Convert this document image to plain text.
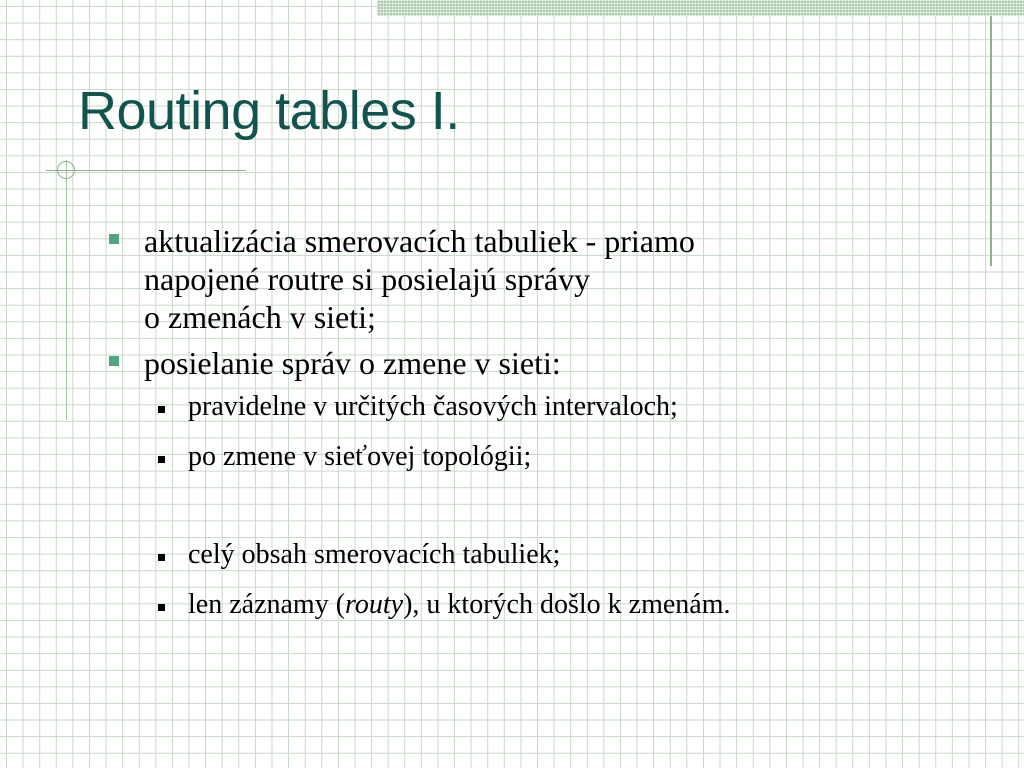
Routing tables I.
aktualizácia smerovacích tabuliek - priamo
napojené routre si posielajú správy
o zmenách v sieti;
posielanie správ o zmene v sieti:
pravidelne v určitých časových intervaloch;
po zmene v sieťovej topológii;
celý obsah smerovacích tabuliek;
len záznamy (routy), u ktorých došlo k zmenám.
